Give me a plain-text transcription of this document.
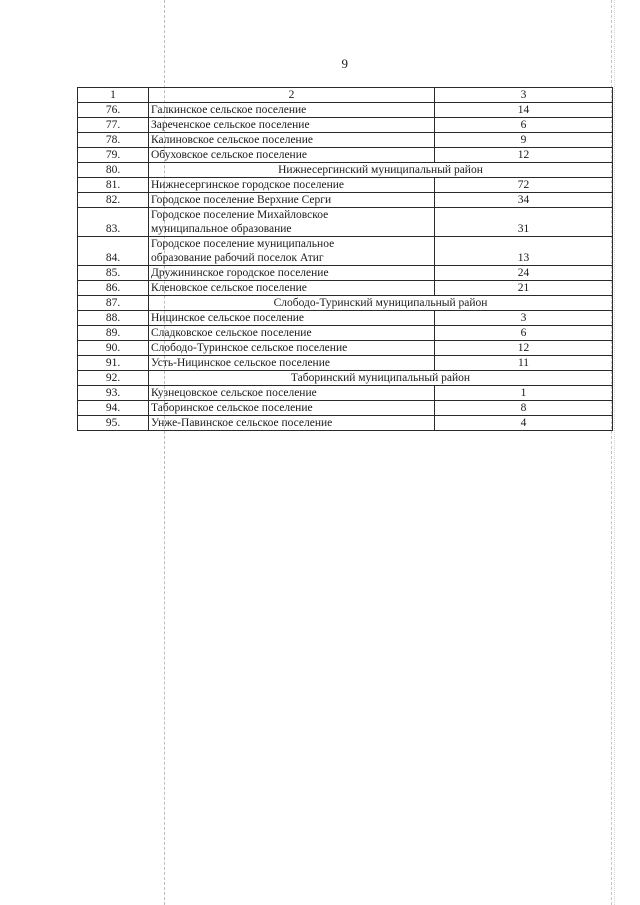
9
1	2	3
76.	Галкинское сельское поселение	14
77.	Зареченское сельское поселение	6
78.	Калиновское сельское поселение	9
79.	Обуховское сельское поселение	12
80.	Нижнесергинский муниципальный район	
81.	Нижнесергинское городское поселение	72
82.	Городское поселение Верхние Серги	34
83.	Городское поселение Михайловское
муниципальное образование	31
84.	Городское поселение муниципальное
образование рабочий поселок Атиг	13
85.	Дружининское городское поселение	24
86.	Кленовское сельское поселение	21
87.	Слободо-Туринский муниципальный район	
88.	Ницинское сельское поселение	3
89.	Сладковское сельское поселение	6
90.	Слободо-Туринское сельское поселение	12
91.	Усть-Ницинское сельское поселение	11
92.	Таборинский муниципальный район	
93.	Кузнецовское сельское поселение	1
94.	Таборинское сельское поселение	8
95.	Унже-Павинское сельское поселение	4
